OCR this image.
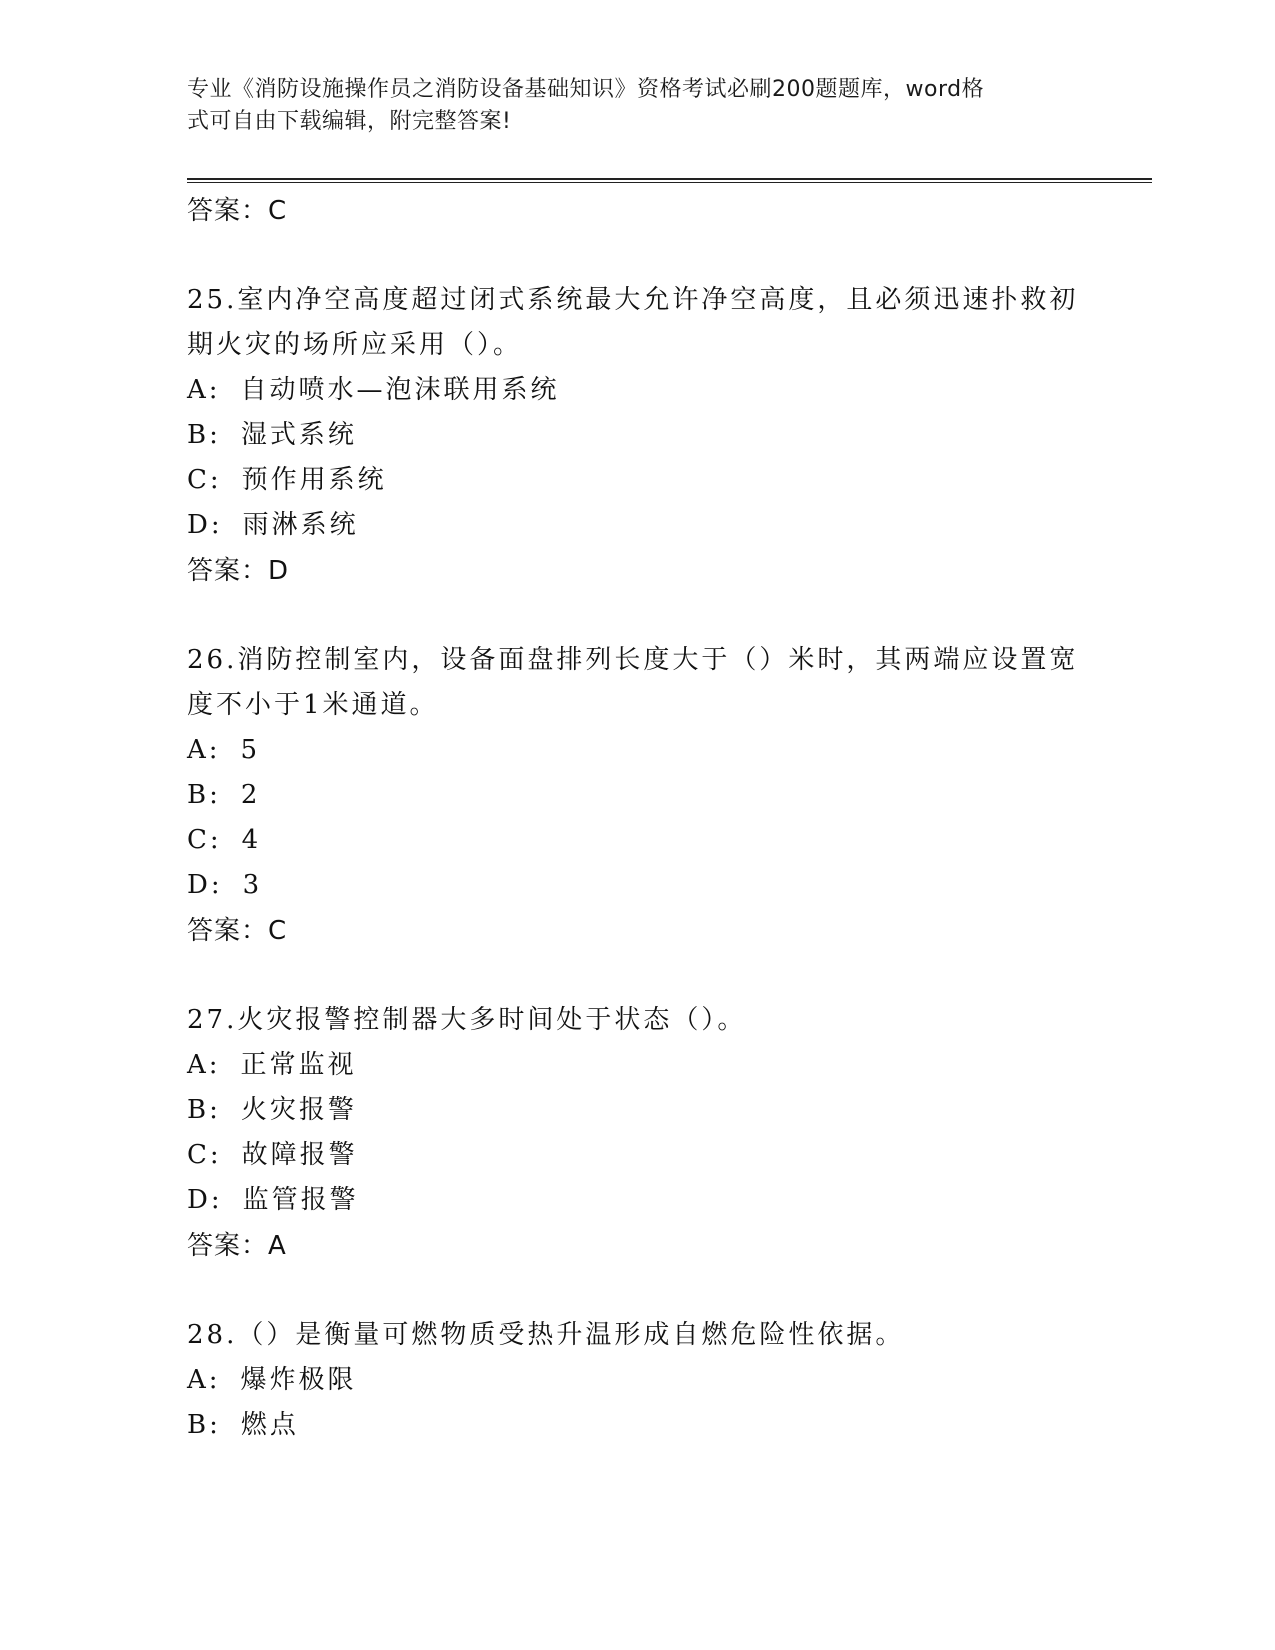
专业《消防设施操作员之消防设备基础知识》资格考试必刷200题题库，word格
式可自由下载编辑，附完整答案!
答案：C
25.室内净空高度超过闭式系统最大允许净空高度，且必须迅速扑救初
期火灾的场所应采用（）。
A: 自动喷水—泡沫联用系统
B: 湿式系统
C: 预作用系统
D: 雨淋系统
答案：D
26.消防控制室内，设备面盘排列长度大于（）米时，其两端应设置宽
度不小于1米通道。
A: 5
B: 2
C: 4
D: 3
答案：C
27.火灾报警控制器大多时间处于状态（）。
A: 正常监视
B: 火灾报警
C: 故障报警
D: 监管报警
答案：A
28.（）是衡量可燃物质受热升温形成自燃危险性依据。
A: 爆炸极限
B: 燃点
